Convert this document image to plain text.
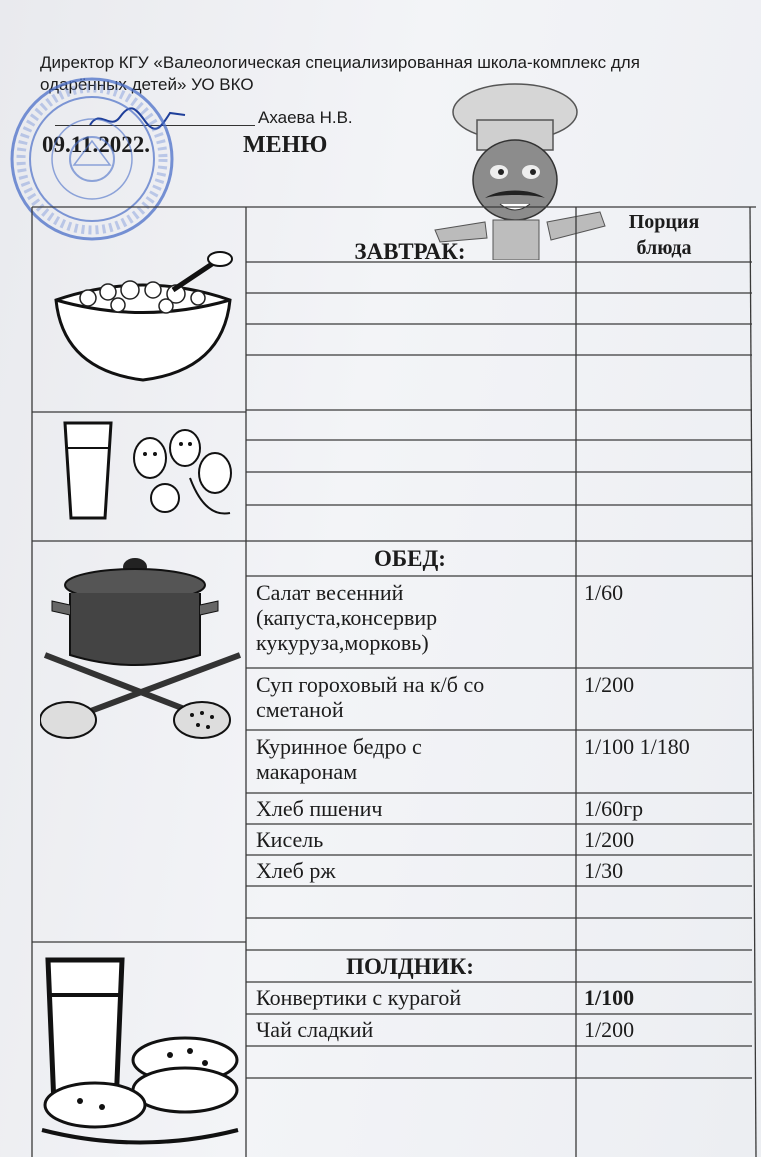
Директор КГУ «Валеологическая специализированная школа-комплекс для
одарённых детей» УО ВКО
Ахаева Н.В.
09.11.2022.	МЕНЮ
ЗАВТРАК:
Порция
блюда
ОБЕД:
Салат весенний
(капуста,консервир
кукуруза,морковь)
1/60
Суп гороховый на к/б со
сметаной
1/200
Куринное бедро с
макаронам
1/100 1/180
Хлеб пшенич	1/60гр
Кисель	1/200
Хлеб рж	1/30
ПОЛДНИК:
Конвертики с курагой	1/100
Чай сладкий	1/200
